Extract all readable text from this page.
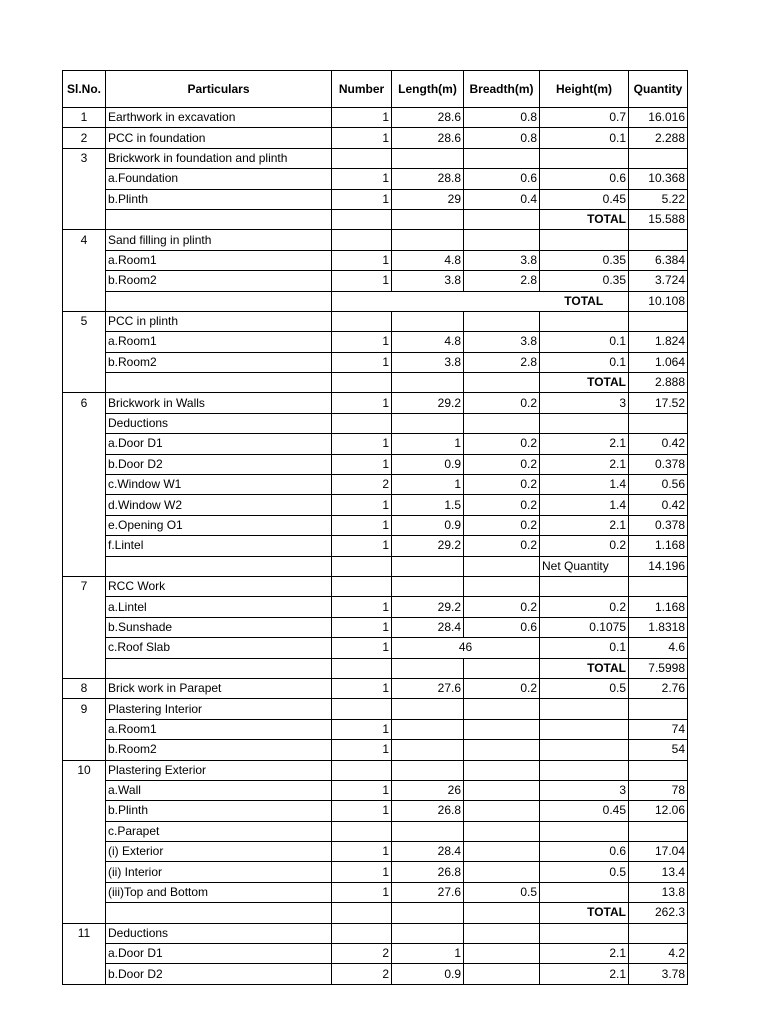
Sl.No.	Particulars	Number	Length(m)	Breadth(m)	Height(m)	Quantity
1	Earthwork in excavation	1	28.6	0.8	0.7	16.016
2	PCC in foundation	1	28.6	0.8	0.1	2.288
3	Brickwork in foundation and plinth					
	a.Foundation	1	28.8	0.6	0.6	10.368
	b.Plinth	1	29	0.4	0.45	5.22
					TOTAL	15.588
4	Sand filling in plinth					
	a.Room1	1	4.8	3.8	0.35	6.384
	b.Room2	1	3.8	2.8	0.35	3.724
					TOTAL	10.108
5	PCC in plinth					
	a.Room1	1	4.8	3.8	0.1	1.824
	b.Room2	1	3.8	2.8	0.1	1.064
					TOTAL	2.888
6	Brickwork in Walls	1	29.2	0.2	3	17.52
	Deductions					
	a.Door D1	1	1	0.2	2.1	0.42
	b.Door D2	1	0.9	0.2	2.1	0.378
	c.Window W1	2	1	0.2	1.4	0.56
	d.Window W2	1	1.5	0.2	1.4	0.42
	e.Opening O1	1	0.9	0.2	2.1	0.378
	f.Lintel	1	29.2	0.2	0.2	1.168
					Net Quantity	14.196
7	RCC Work					
	a.Lintel	1	29.2	0.2	0.2	1.168
	b.Sunshade	1	28.4	0.6	0.1075	1.8318
	c.Roof Slab	1	46		0.1	4.6
					TOTAL	7.5998
8	Brick work in Parapet	1	27.6	0.2	0.5	2.76
9	Plastering Interior					
	a.Room1	1				74
	b.Room2	1				54
10	Plastering Exterior					
	a.Wall	1	26		3	78
	b.Plinth	1	26.8		0.45	12.06
	c.Parapet					
	(i) Exterior	1	28.4		0.6	17.04
	(ii) Interior	1	26.8		0.5	13.4
	(iii)Top and Bottom	1	27.6	0.5		13.8
					TOTAL	262.3
11	Deductions					
	a.Door D1	2	1		2.1	4.2
	b.Door D2	2	0.9		2.1	3.78
